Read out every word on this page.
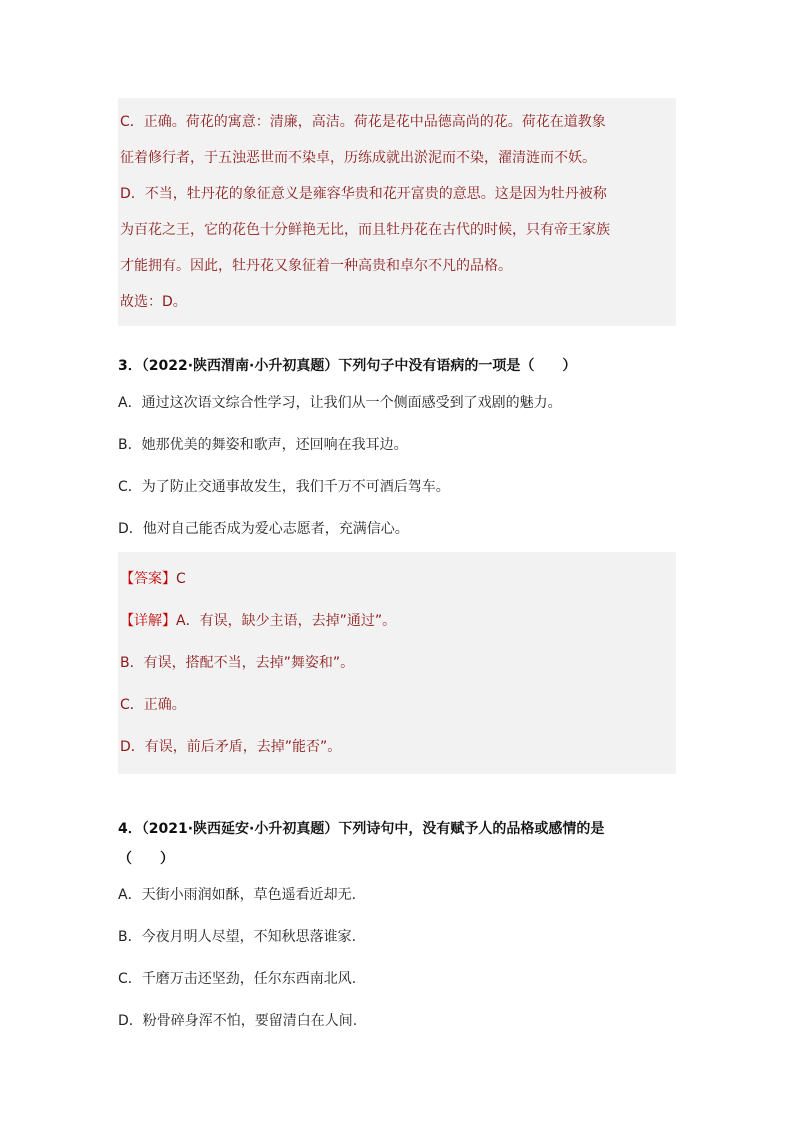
C．正确。荷花的寓意：清廉，高洁。荷花是花中品德高尚的花。荷花在道教象
征着修行者，于五浊恶世而不染卓，历练成就出淤泥而不染，濯清涟而不妖。
D．不当，牡丹花的象征意义是雍容华贵和花开富贵的意思。这是因为牡丹被称
为百花之王，它的花色十分鲜艳无比，而且牡丹花在古代的时候，只有帝王家族
才能拥有。因此，牡丹花又象征着一种高贵和卓尔不凡的品格。
故选：D。
3．（2022·陕西渭南·小升初真题）下列句子中没有语病的一项是（　　）
A．通过这次语文综合性学习，让我们从一个侧面感受到了戏剧的魅力。
B．她那优美的舞姿和歌声，还回响在我耳边。
C．为了防止交通事故发生，我们千万不可酒后驾车。
D．他对自己能否成为爱心志愿者，充满信心。
【答案】C
【详解】A．有误，缺少主语，去掉”通过”。
B．有误，搭配不当，去掉”舞姿和”。
C．正确。
D．有误，前后矛盾，去掉”能否”。
4．（2021·陕西延安·小升初真题）下列诗句中，没有赋予人的品格或感情的是
（　　）
A．天街小雨润如酥，草色遥看近却无.
B．今夜月明人尽望，不知秋思落谁家.
C．千磨万击还坚劲，任尔东西南北风.
D．粉骨碎身浑不怕，要留清白在人间.
